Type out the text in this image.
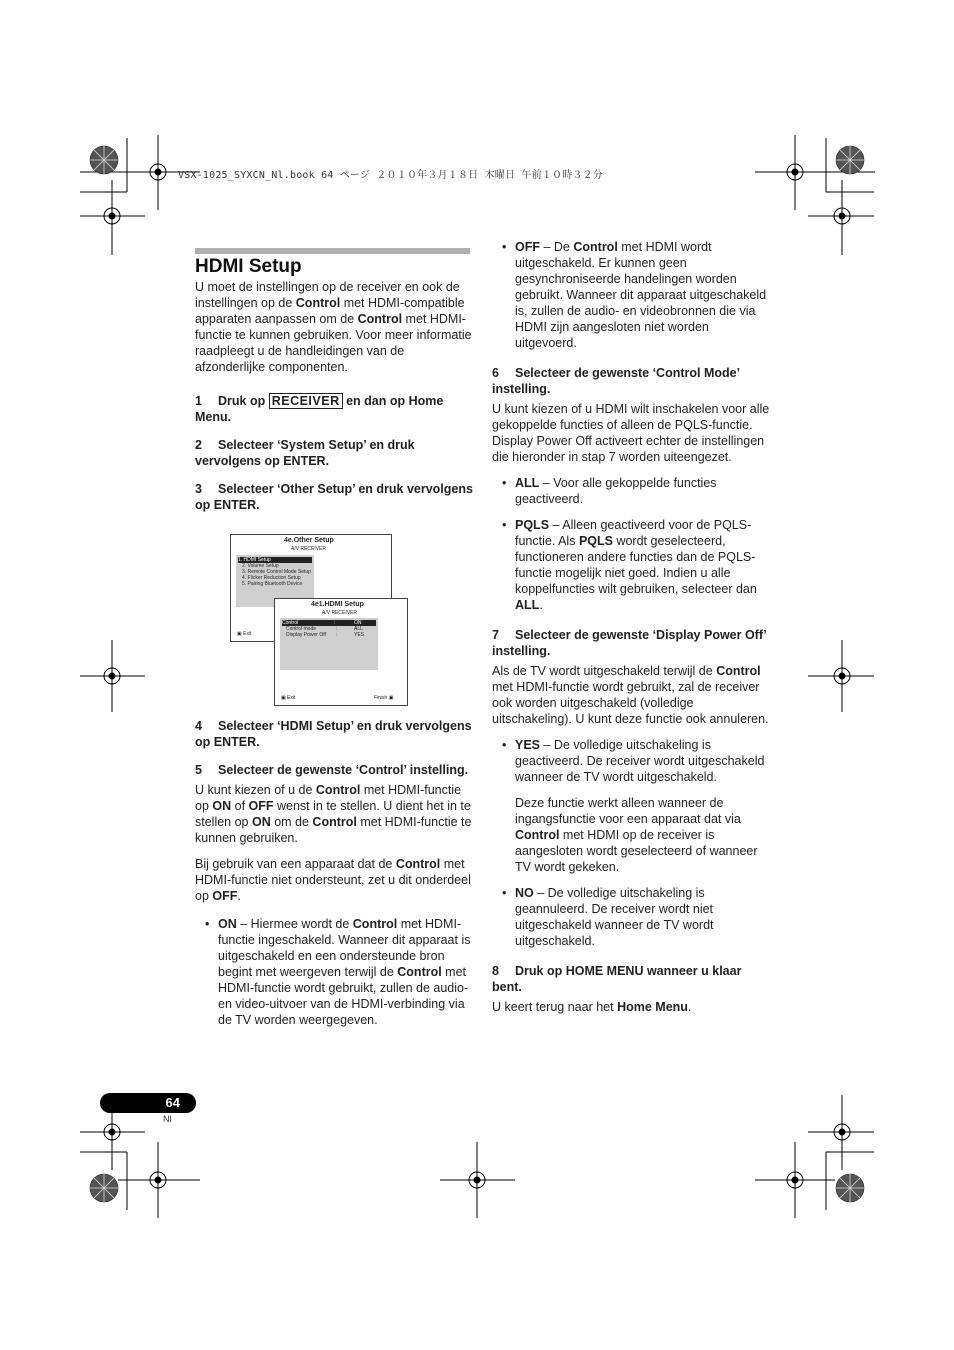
VSX-1025_SYXCN_Nl.book 64 ページ ２０１０年３月１８日 木曜日 午前１０時３２分
HDMI Setup

U moet de instellingen op de receiver en ook de instellingen op de Control met HDMI-compatible apparaten aanpassen om de Control met HDMI-functie te kunnen gebruiken. Voor meer informatie raadpleegt u de handleidingen van de afzonderlijke componenten.

1 Druk op RECEIVER en dan op Home Menu.

2 Selecteer ‘System Setup’ en druk vervolgens op ENTER.

3 Selecteer ‘Other Setup’ en druk vervolgens op ENTER.

4e.Other Setup
A/V RECEIVER
1. HDMI Setup
2. Volume Setup
3. Remote Control Mode Setup
4. Flicker Reduction Setup
5. Pairing Bluetooth Device
▣ Exit
4e1.HDMI Setup
A/V RECEIVER
Control	:	ON
Control mode	:	ALL
Display Power Off :	YES
▣ Exit	Finish ▣

4 Selecteer ‘HDMI Setup’ en druk vervolgens op ENTER.

5 Selecteer de gewenste ‘Control’ instelling.

U kunt kiezen of u de Control met HDMI-functie op ON of OFF wenst in te stellen. U dient het in te stellen op ON om de Control met HDMI-functie te kunnen gebruiken.

Bij gebruik van een apparaat dat de Control met HDMI-functie niet ondersteunt, zet u dit onderdeel op OFF.

• ON – Hiermee wordt de Control met HDMI-functie ingeschakeld. Wanneer dit apparaat is uitgeschakeld en een ondersteunde bron begint met weergeven terwijl de Control met HDMI-functie wordt gebruikt, zullen de audio- en video-uitvoer van de HDMI-verbinding via de TV worden weergegeven.

• OFF – De Control met HDMI wordt uitgeschakeld. Er kunnen geen gesynchroniseerde handelingen worden gebruikt. Wanneer dit apparaat uitgeschakeld is, zullen de audio- en videobronnen die via HDMI zijn aangesloten niet worden uitgevoerd.

6 Selecteer de gewenste ‘Control Mode’ instelling.

U kunt kiezen of u HDMI wilt inschakelen voor alle gekoppelde functies of alleen de PQLS-functie. Display Power Off activeert echter de instellingen die hieronder in stap 7 worden uiteengezet.

• ALL – Voor alle gekoppelde functies geactiveerd.

• PQLS – Alleen geactiveerd voor de PQLS-functie. Als PQLS wordt geselecteerd, functioneren andere functies dan de PQLS-functie mogelijk niet goed. Indien u alle koppelfuncties wilt gebruiken, selecteer dan ALL.

7 Selecteer de gewenste ‘Display Power Off’ instelling.

Als de TV wordt uitgeschakeld terwijl de Control met HDMI-functie wordt gebruikt, zal de receiver ook worden uitgeschakeld (volledige uitschakeling). U kunt deze functie ook annuleren.

• YES – De volledige uitschakeling is geactiveerd. De receiver wordt uitgeschakeld wanneer de TV wordt uitgeschakeld.

Deze functie werkt alleen wanneer de ingangsfunctie voor een apparaat dat via Control met HDMI op de receiver is aangesloten wordt geselecteerd of wanneer TV wordt gekeken.

• NO – De volledige uitschakeling is geannuleerd. De receiver wordt niet uitgeschakeld wanneer de TV wordt uitgeschakeld.

8 Druk op HOME MENU wanneer u klaar bent.

U keert terug naar het Home Menu.

64
Nl
